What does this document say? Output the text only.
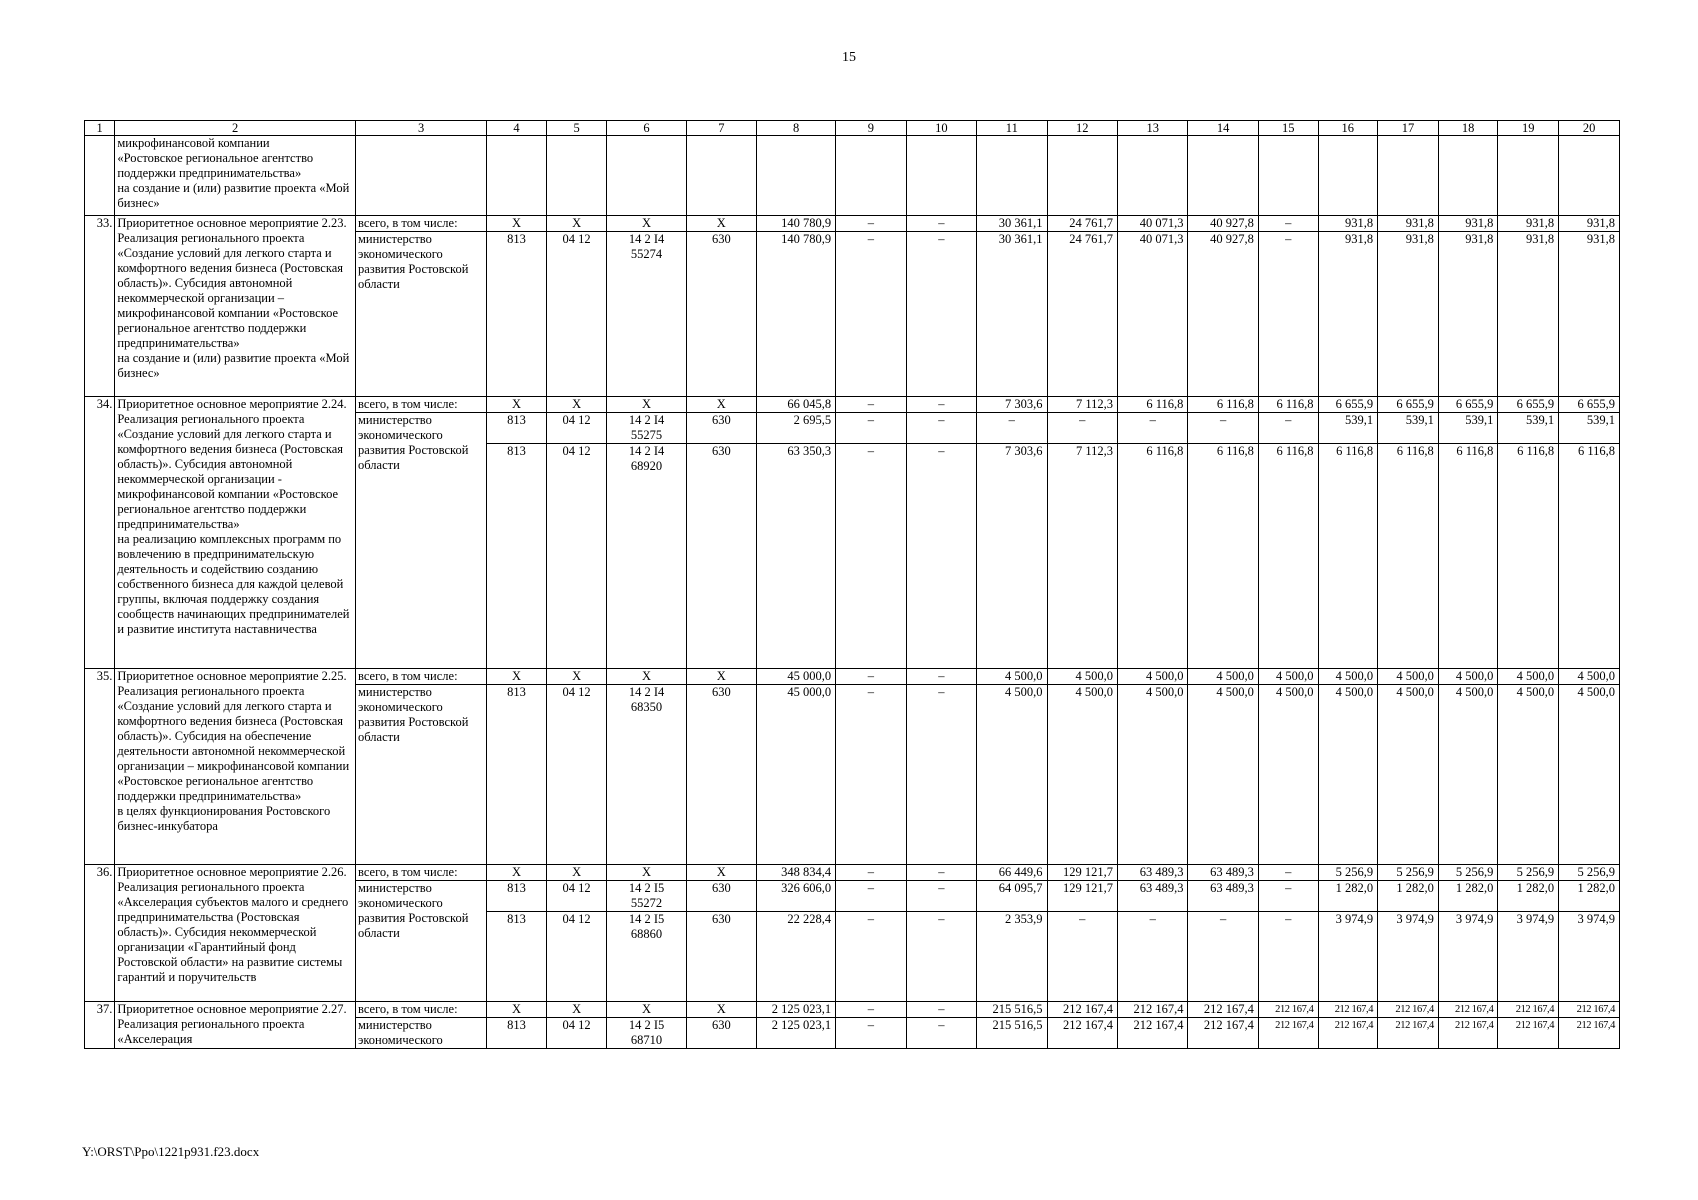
15
1	2	3	4	5	6	7	8	9	10	11	12	13	14	15	16	17	18	19	20
	микрофинансовой компании
«Ростовское региональное агентство поддержки предпринимательства»
на создание и (или) развитие проекта «Мой бизнес»																		
33.	Приоритетное основное мероприятие 2.23. Реализация регионального проекта «Создание условий для легкого старта и комфортного ведения бизнеса (Ростовская область)». Субсидия автономной некоммерческой организации – микрофинансовой компании «Ростовское региональное агентство поддержки предпринимательства»
на создание и (или) развитие проекта «Мой бизнес»	всего, в том числе:	X	X	X	X	140 780,9	–	–	30 361,1	24 761,7	40 071,3	40 927,8	–	931,8	931,8	931,8	931,8	931,8
		министерство экономического развития Ростовской области	813	04 12	14 2 I4
55274	630	140 780,9	–	–	30 361,1	24 761,7	40 071,3	40 927,8	–	931,8	931,8	931,8	931,8	931,8
34.	Приоритетное основное мероприятие 2.24. Реализация регионального проекта «Создание условий для легкого старта и комфортного ведения бизнеса (Ростовская область)». Субсидия автономной некоммерческой организации - микрофинансовой компании «Ростовское региональное агентство поддержки предпринимательства»
на реализацию комплексных программ по вовлечению в предпринимательскую деятельность и содействию созданию собственного бизнеса для каждой целевой группы, включая поддержку создания сообществ начинающих предпринимателей и развитие института наставничества	всего, в том числе:	X	X	X	X	66 045,8	–	–	7 303,6	7 112,3	6 116,8	6 116,8	6 116,8	6 655,9	6 655,9	6 655,9	6 655,9	6 655,9
		министерство экономического развития Ростовской области	813	04 12	14 2 I4
55275	630	2 695,5	–	–	–	–	–	–	–	539,1	539,1	539,1	539,1	539,1
			813	04 12	14 2 I4
68920	630	63 350,3	–	–	7 303,6	7 112,3	6 116,8	6 116,8	6 116,8	6 116,8	6 116,8	6 116,8	6 116,8	6 116,8
35.	Приоритетное основное мероприятие 2.25. Реализация регионального проекта «Создание условий для легкого старта и комфортного ведения бизнеса (Ростовская область)». Субсидия на обеспечение деятельности автономной некоммерческой организации – микрофинансовой компании «Ростовское региональное агентство поддержки предпринимательства»
в целях функционирования Ростовского бизнес-инкубатора	всего, в том числе:	X	X	X	X	45 000,0	–	–	4 500,0	4 500,0	4 500,0	4 500,0	4 500,0	4 500,0	4 500,0	4 500,0	4 500,0	4 500,0
		министерство экономического развития Ростовской области	813	04 12	14 2 I4
68350	630	45 000,0	–	–	4 500,0	4 500,0	4 500,0	4 500,0	4 500,0	4 500,0	4 500,0	4 500,0	4 500,0	4 500,0
36.	Приоритетное основное мероприятие 2.26. Реализация регионального проекта «Акселерация субъектов малого и среднего предпринимательства (Ростовская область)». Субсидия некоммерческой организации «Гарантийный фонд Ростовской области» на развитие системы гарантий и поручительств	всего, в том числе:	X	X	X	X	348 834,4	–	–	66 449,6	129 121,7	63 489,3	63 489,3	–	5 256,9	5 256,9	5 256,9	5 256,9	5 256,9
		министерство экономического развития Ростовской области	813	04 12	14 2 I5
55272	630	326 606,0	–	–	64 095,7	129 121,7	63 489,3	63 489,3	–	1 282,0	1 282,0	1 282,0	1 282,0	1 282,0
			813	04 12	14 2 I5
68860	630	22 228,4	–	–	2 353,9	–	–	–	–	3 974,9	3 974,9	3 974,9	3 974,9	3 974,9
37.	Приоритетное основное мероприятие 2.27. Реализация регионального проекта «Акселерация	всего, в том числе:	X	X	X	X	2 125 023,1	–	–	215 516,5	212 167,4	212 167,4	212 167,4	212 167,4	212 167,4	212 167,4	212 167,4	212 167,4	212 167,4
		министерство экономического	813	04 12	14 2 I5
68710	630	2 125 023,1	–	–	215 516,5	212 167,4	212 167,4	212 167,4	212 167,4	212 167,4	212 167,4	212 167,4	212 167,4	212 167,4
Y:\ORST\Ppo\1221p931.f23.docx
